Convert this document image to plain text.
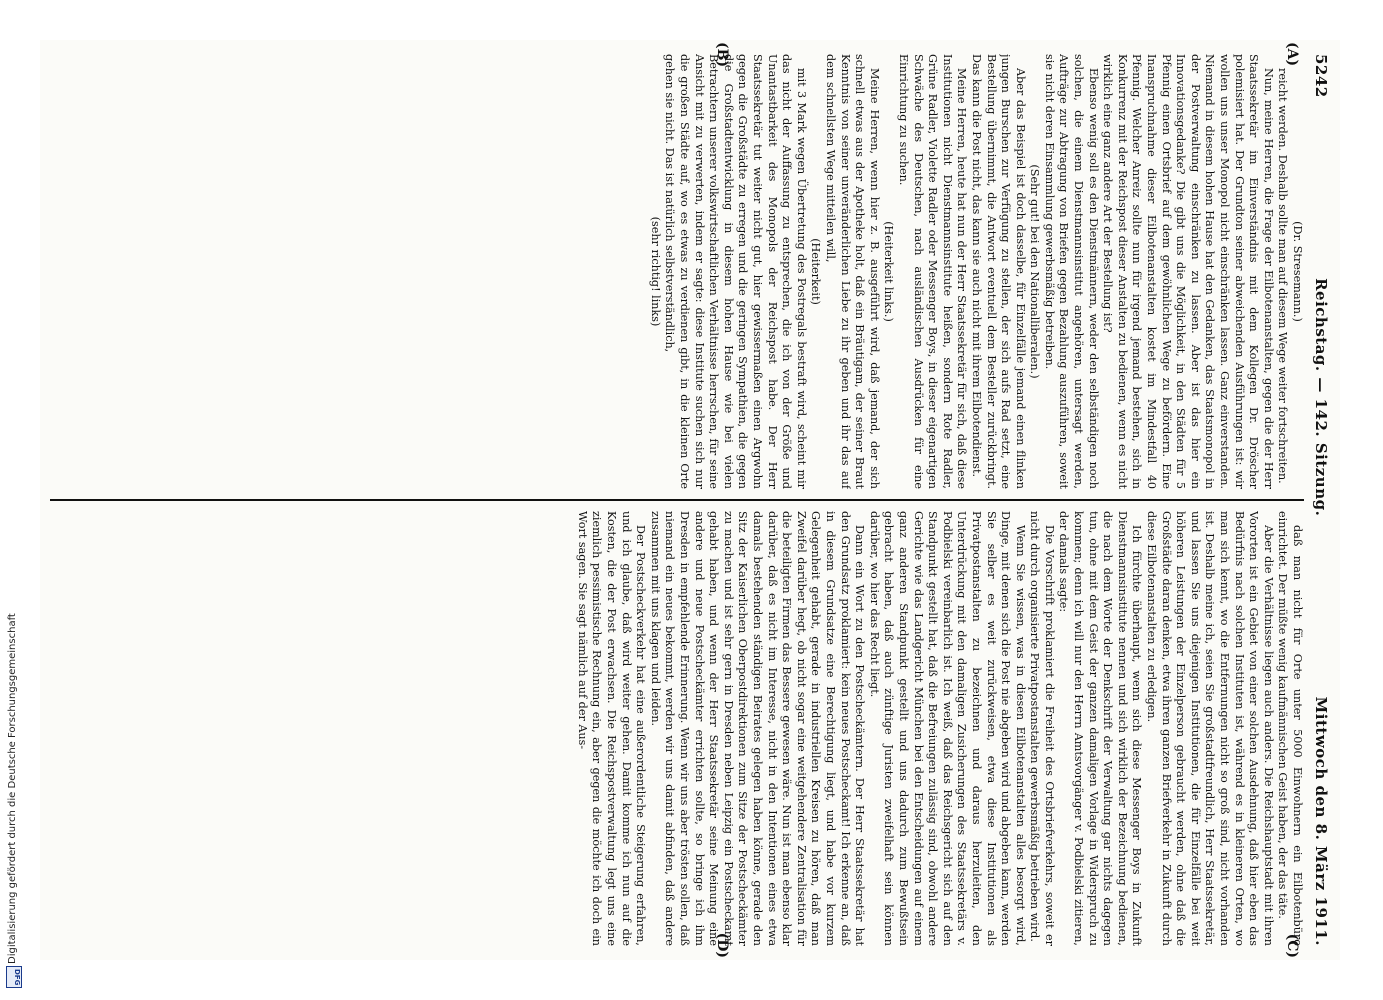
5242
Reichstag. — 142. Sitzung.
Mittwoch den 8. März 1911.

(Dr. Stresemann.)

reicht werden. Deshalb sollte man auf diesem Wege weiter fortschreiten.

Nun, meine Herren, die Frage der Eilbotenanstalten, gegen die der Herr Staatssekretär im Einverständnis mit dem Kollegen Dr. Dröscher polemisiert hat. Der Grundton seiner abweichenden Ausführungen ist: wir wollen uns unser Monopol nicht einschränken lassen. Ganz einverstanden. Niemand in diesem hohen Hause hat den Gedanken, das Staatsmonopol in der Postverwaltung einschränken zu lassen. Aber ist das hier ein Innovationsgedanke? Die gibt uns die Möglichkeit, in den Städten für 5 Pfennig einen Ortsbrief auf dem gewöhnlichen Wege zu befördern. Eine Inanspruchnahme dieser Eilbotenanstalten kostet im Mindestfall 40 Pfennig. Welcher Anreiz sollte nun für irgend jemand bestehen, sich in Konkurrenz mit der Reichspost dieser Anstalten zu bedienen, wenn es nicht wirklich eine ganz andere Art der Bestellung ist?

Ebenso wenig soll es den Dienstmännern, weder den selbständigen noch solchen, die einem Dienstmannsinstitut angehören, untersagt werden, Aufträge zur Abtragung von Briefen gegen Bezahlung auszuführen, soweit sie nicht deren Einsammlung gewerbsmäßig betreiben.

(Sehr gut! bei den Nationalliberalen.)

Aber das Beispiel ist doch dasselbe, für Einzelfälle jemand einen flinken jungen Burschen zur Verfügung zu stellen, der sich aufs Rad setzt, eine Bestellung übernimmt, die Antwort eventuell dem Besteller zurückbringt. Das kann die Post nicht, das kann sie auch nicht mit ihrem Eilbotendienst.

Meine Herren, heute hat nun der Herr Staatssekretär für sich, daß diese Institutionen nicht Dienstmannsinstitute heißen, sondern Rote Radler, Grüne Radler, Violette Radler oder Messenger Boys, in dieser eigenartigen Schwäche des Deutschen, nach ausländischen Ausdrücken für eine Einrichtung zu suchen.

(Heiterkeit links.)

Meine Herren, wenn hier z. B. ausgeführt wird, daß jemand, der sich schnell etwas aus der Apotheke holt, daß ein Bräutigam, der seiner Braut Kenntnis von seiner unveränderlichen Liebe zu ihr geben und ihr das auf dem schnellsten Wege mitteilen will,

(Heiterkeit)

mit 3 Mark wegen Übertretung des Postregals bestraft wird, scheint mir das nicht der Auffassung zu entsprechen, die ich von der Größe und Unantastbarkeit des Monopols der Reichspost habe. Der Herr Staatssekretär tut weiter nicht gut, hier gewissermaßen einen Argwohn gegen die Großstädte zu erregen und die geringen Sympathien, die gegen die Großstadtentwicklung in diesem hohen Hause wie bei vielen Betrachtern unserer volkswirtschaftlichen Verhältnisse herrschen, für seine Ansicht mit zu verwerten, indem er sagte: diese Institute suchen sich nur die großen Städte auf, wo es etwas zu verdienen gibt, in die kleinen Orte gehen sie nicht. Das ist natürlich selbstverständlich,

(sehr richtig! links)

daß man nicht für Orte unter 5000 Einwohnern ein Eilbotenbüro einrichtet. Der müßte wenig kaufmännischen Geist haben, der das täte.

Aber die Verhältnisse liegen auch anders. Die Reichshauptstadt mit ihren Vororten ist ein Gebiet von einer solchen Ausdehnung, daß hier eben das Bedürfnis nach solchen Instituten ist, während es in kleineren Orten, wo man sich kennt, wo die Entfernungen nicht so groß sind, nicht vorhanden ist. Deshalb meine ich, seien Sie großstadtfreundlich, Herr Staatssekretär, und lassen Sie uns diejenigen Institutionen, die für Einzelfälle bei weit höheren Leistungen der Einzelperson gebraucht werden, ohne daß die Großstädte daran denken, etwa ihren ganzen Briefverkehr in Zukunft durch diese Eilbotenanstalten zu erledigen.

Ich fürchte überhaupt, wenn sich diese Messenger Boys in Zukunft Dienstmannsinstitute nennen und sich wirklich der Bezeichnung bedienen, die nach dem Worte der Denkschrift der Verwaltung gar nichts dagegen tun, ohne mit dem Geist der ganzen damaligen Vorlage in Widerspruch zu kommen; denn ich will nur den Herrn Amtsvorgänger v. Podbielski zitieren, der damals sagte:

Die Vorschrift proklamiert die Freiheit des Ortsbriefverkehrs, soweit er nicht durch organisierte Privatpostanstalten gewerbsmäßig betrieben wird.

Wenn Sie wissen, was in diesen Eilbotenanstalten alles besorgt wird, Dinge, mit denen sich die Post nie abgeben wird und abgeben kann, werden Sie selber es weit zurückweisen, etwa diese Institutionen als Privatpostanstalten zu bezeichnen und daraus herzuleiten, den Unterdrückung mit den damaligen Zusicherungen des Staatssekretärs v. Podbielski vereinbarlich ist. Ich weiß, daß das Reichsgericht sich auf den Standpunkt gestellt hat, daß die Befreiungen zulässig sind, obwohl andere Gerichte wie das Landgericht München bei den Entscheidungen auf einem ganz anderen Standpunkt gestellt und uns dadurch zum Bewußtsein gebracht haben, daß auch zünftige Juristen zweifelhaft sein können darüber, wo hier das Recht liegt.

Dann ein Wort zu den Postscheckämtern. Der Herr Staatssekretär hat den Grundsatz proklamiert: kein neues Postscheckamt! Ich erkenne an, daß in diesem Grundsatze eine Berechtigung liegt, und habe vor kurzem Gelegenheit gehabt, gerade in industriellen Kreisen zu hören, daß man Zweifel darüber hegt, ob nicht sogar eine weitgehendere Zentralisation für die beteiligten Firmen das Bessere gewesen wäre. Nun ist man ebenso klar darüber, daß es nicht im Interesse, nicht in den Intentionen eines etwa damals bestehenden ständigen Beirates gelegen haben könne, gerade den Sitz der Kaiserlichen Oberpostdirektionen zum Sitze der Postscheckämter zu machen und ist sehr gern in Dresden neben Leipzig ein Postscheckamt gehabt haben, und wenn der Herr Staatssekretär seine Meinung eine andere und neue Postscheckämter errichten sollte, so bringe ich ihm Dresden in empfehlende Erinnerung. Wenn wir uns aber trösten sollen, daß niemand ein neues bekommt, werden wir uns damit abfinden, daß andere zusammen mit uns klagen und leiden.

Der Postscheckverkehr hat eine außerordentliche Steigerung erfahren, und ich glaube, daß wird weiter gehen. Damit komme ich nun auf die Kosten, die der Post erwachsen. Die Reichspostverwaltung legt uns eine ziemlich pessimistische Rechnung ein, aber gegen die möchte ich doch ein Wort sagen. Sie sagt nämlich auf der Aus-

(A)
(B)
(C)
(D)
Digitalisierung gefördert durch die Deutsche Forschungsgemeinschaft
DFG
